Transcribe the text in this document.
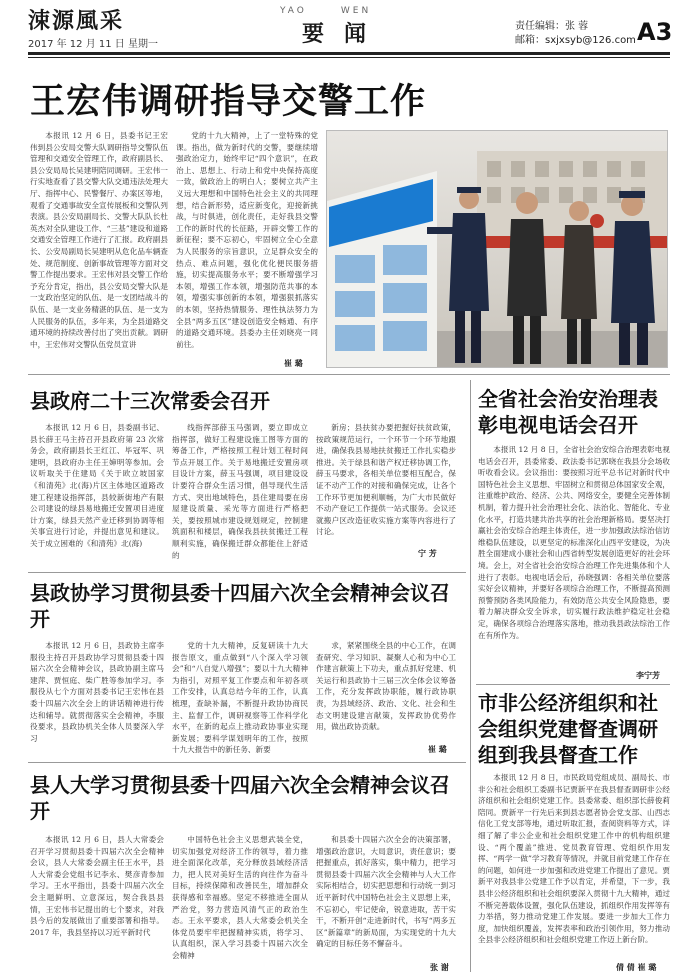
涑源風采
2017 年 12 月 11 日 星期一
YAO	WEN
要闻	责任编辑：张 蓉
邮箱：sxjxsyb@126.com A3
王宏伟调研指导交警工作

本报讯 12 月 6 日，县委书记王宏伟到县公安局交警大队调研指导交警队伍管理和交通安全管理工作，政府副县长、县公安局局长吴建明陪同调研。王宏伟一行实地查看了县交警大队交通违法处理大厅、指挥中心、民警餐厅、办案区等地，观看了交通事故安全宣传展板和交警队列表演。县公安局副局长、交警大队队长杜英杰对全队建设工作、“三基”建设和道路交通安全管理工作进行了汇报。政府副县长、公安局副局长吴建明从危化品车辆查处、规范制度、创新事故管理等方面对交警工作提出要求。王宏伟对县交警工作给予充分肯定，指出，县公安局交警大队是一支政治坚定的队伍、是一支团结战斗的队伍、是一支业务精湛的队伍、是一支为人民服务的队伍，多年来，为全县道路交通环境的持续改善付出了突出贡献。调研中，王宏伟对交警队伍党员宣讲

党的十九大精神，上了一堂特殊的党课。指出，做为新时代的交警，要继续增强政治定力，始终牢记“四个意识”，在政治上、思想上、行动上和党中央保持高度一致，做政治上的明白人；要树立共产主义远大理想和中国特色社会主义的共同理想，结合新形势，适应新变化，迎接新挑战，与时俱进，创化责任，走好我县交警工作的新时代的长征路，开辟交警工作的新征程；要不忘初心，牢固树立全心全意为人民服务的宗旨意识，立足群众安全的热点、难点问题，强化优化便民服务措施，切实提高服务水平；要不断增强学习本领，增强工作本领，增强防范共事的本领，增强实事创新的本领，增强狠抓落实的本领，坚持热情服务、理性执法努力为全县“两多五区”建设创造安全畅通、有序的道路交通环境。县委办主任刘晓亮一同前往。

崔 璐
县政府二十三次常委会召开

本报讯 12 月 6 日，县委副书记、县长薛王马主持召开县政府第 23 次常务会，政府副县长王红江、毕冠军、巩建明，县政府办主任王婶明等参加。会议听取关于住建局《关于欧立坡国家《和清苑》北(海)片区主体地区道路改建工程建设指挥部，县较新街地产有限公司建设的绿县易地搬迁安置项目进度计方案，绿县天然产业迁移到协调等相关事宜进行讨论，并提出意见和建议。关于成立困难的《和清苑》北(海)

线指挥部薛玉马强调，要立即成立指挥部，做好工程建设施工图等方面的筹备工作，严格按照工程计划工程时间节点开展工作。关于易地搬迁安置房项目设计方案，薛玉马强调，项目建设设计要符合群众生活习惯，倡导现代生活方式、突出地域特色，县住建局要在房屋建设质量、采光等方面进行严格把关，要按照城市建设规划规定，控制建筑面积和楼层，确保我县扶贫搬迁工程顺利实施，确保搬迁群众都能住上舒适的

新房；县扶贫办要把握好扶贫政策，按政策规范运行，一个环节一个环节地跟进，确保我县易地扶贫搬迁工作扎实稳步推进。关于绿县和谐产权迁移协调工作，薛玉马要求，各相关单位要相互配合，保证不动产工作的对接和确保完成，让各个工作环节更加便利顺畅，为广大市民做好不动产登记工作提供一站式服务。会议还就搬户区改造征收实施方案等内容进行了讨论。

宁 芳
县政协学习贯彻县委十四届六次全会精神会议召开

本报讯 12 月 6 日，县政协主席李服役主持召开县政协学习贯彻县委十四届六次全会精神会议，县政协副主席马建萍、贾恒庭、柴广胜等参加学习。李服役从七个方面对县委书记王宏伟在县委十四届六次全会上的讲话精神进行传达和辅导。就贯彻落实全会精神，李服役要求，县政协机关全体人员要深入学习

党的十九大精神，反复研读十九大报告原文，重点做到“八个深入学习领会”和“八自觉八增强”；要以十九大精神为指引，对照平复工作要点和年初各项工作安排，认真总结今年的工作，认真梳理，查缺补漏，不断提升政协协商民主、监督工作，调研视察等工作科学化水平，在新的起点上推动政协事业实现新发展；要科学谋划明年的工作，按照十九大报告中的新任务、新要

求，紧紧围绕全县的中心工作，在调查研究、学习知识、凝聚人心和为中心工作建言献策上下功夫，重点抓好党建、机关运行和县政协十三届三次全体会议筹备工作，充分发挥政协职能，履行政协职责，为县域经济、政治、文化、社会和生态文明建设建言献策，发挥政协优势作用，做出政协贡献。

崔 璐
县人大学习贯彻县委十四届六次全会精神会议召开

本报讯 12 月 6 日，县人大常委会召开学习贯彻县委十四届六次全会精神会议，县人大常委会副主任王水平，县人大常委会党组书记李永、樊彦青参加学习。王水平指出，县委十四届六次全会主题鲜明、立意深远，契合我县县情，王宏伟书记提出的七个要求，对我县今后的发展做出了重要部署和指导。2017 年，我县坚持以习近平新时代

中国特色社会主义思想武装全党，切实加强党对经济工作的领导，着力推进全面深化改革，充分释放县域经济活力，把人民对美好生活的向往作为奋斗目标，持续保障和改善民生，增加群众获得感和幸福感。坚定不移推进全面从严治党，努力营造风清气正的政治生态。王永平要求，县人大常委会机关全体党员要牢牢把握精神实质，将学习、认真组织，深入学习县委十四届六次全会精神

和县委十四届六次全会的决策部署，增强政治意识，大局意识，责任意识；要把握重点，抓好落实，集中精力，把学习贯彻县委十四届六次全会精神与人大工作实际相结合，切实把思想和行动统一到习近平新时代中国特色社会主义思想上来，不忘初心，牢记使命，锐意进取，苦干实干，不断开创“走进新时代，书写“两多五区”新篇章”的新局面，为实现党的十九大确定的目标任务不懈奋斗。

张 谢
全省社会治安治理表彰电视电话会召开

本报讯 12 月 8 日，全省社会治安综合治理表彰电视电话会召开，县委常委、政法委书记郭晓在我县分会场收听收看会议。会议指出：要按照习近平总书记对新时代中国特色社会主义思想、牢固树立和贯彻总体国家安全观，注重维护政治、经济、公共、网络安全，要健全完善体制机制，着力提升社会治理社会化、法治化、智能化、专业化水平，打造共建共治共享的社会治理新格局。要坚决打赢社会治安综合治理主体责任，进一步加强政法综治信访维稳队伍建设，以更坚定的标准深化山西平安建设，为决胜全面建成小康社会和山西省转型发展创造更好的社会环境。会上，对全省社会治安综合治理工作先进集体和个人进行了表彰。电视电话会后，孙晓强调：各相关单位要落实好会议精神，并要好各项综合治理工作，不断提高预测预警预防各类风险能力，有效防范公共安全风险隐患，要着力解决群众安全诉求，切实履行政法维护稳定社会稳定，确保各项综合治理落实落地，推动我县政法综治工作在有所作为。

李宁芳
市非公经济组织和社会组织党建督查调研组到我县督查工作

本报讯 12 月 8 日，市民政局党组成员、副局长、市非公和社会组织工委副书记贾新平在我县督查调研非公经济组织和社会组织党建工作。县委常委、组织部长薛俊莉陪同。贾新平一行先后来到县志愿者协会党支部、山西志信化工党支部等地，通过听取汇报，查阅资料等方式，详细了解了非公企业和社会组织党建工作中的机构组织建设、“两个覆盖”推进、党员教育管理、党组织作用发挥、“两学一做”学习教育等情况，并就目前党建工作存在的问题，如何进一步加强和改进党建工作提出了意见。贾新平对我县非公党建工作予以肯定，并希望，下一步，我县非公经济组织和社会组织要深入贯彻十九大精神，通过不断完善载体设置，强化队伍建设，抓组织作用发挥等有力举措，努力推动党建工作发展。要进一步加大工作力度，加快组织覆盖，发挥表率和政治引领作用，努力推动全县非公经济组织和社会组织党建工作迈上新台阶。

倩 倩 崔 璐
